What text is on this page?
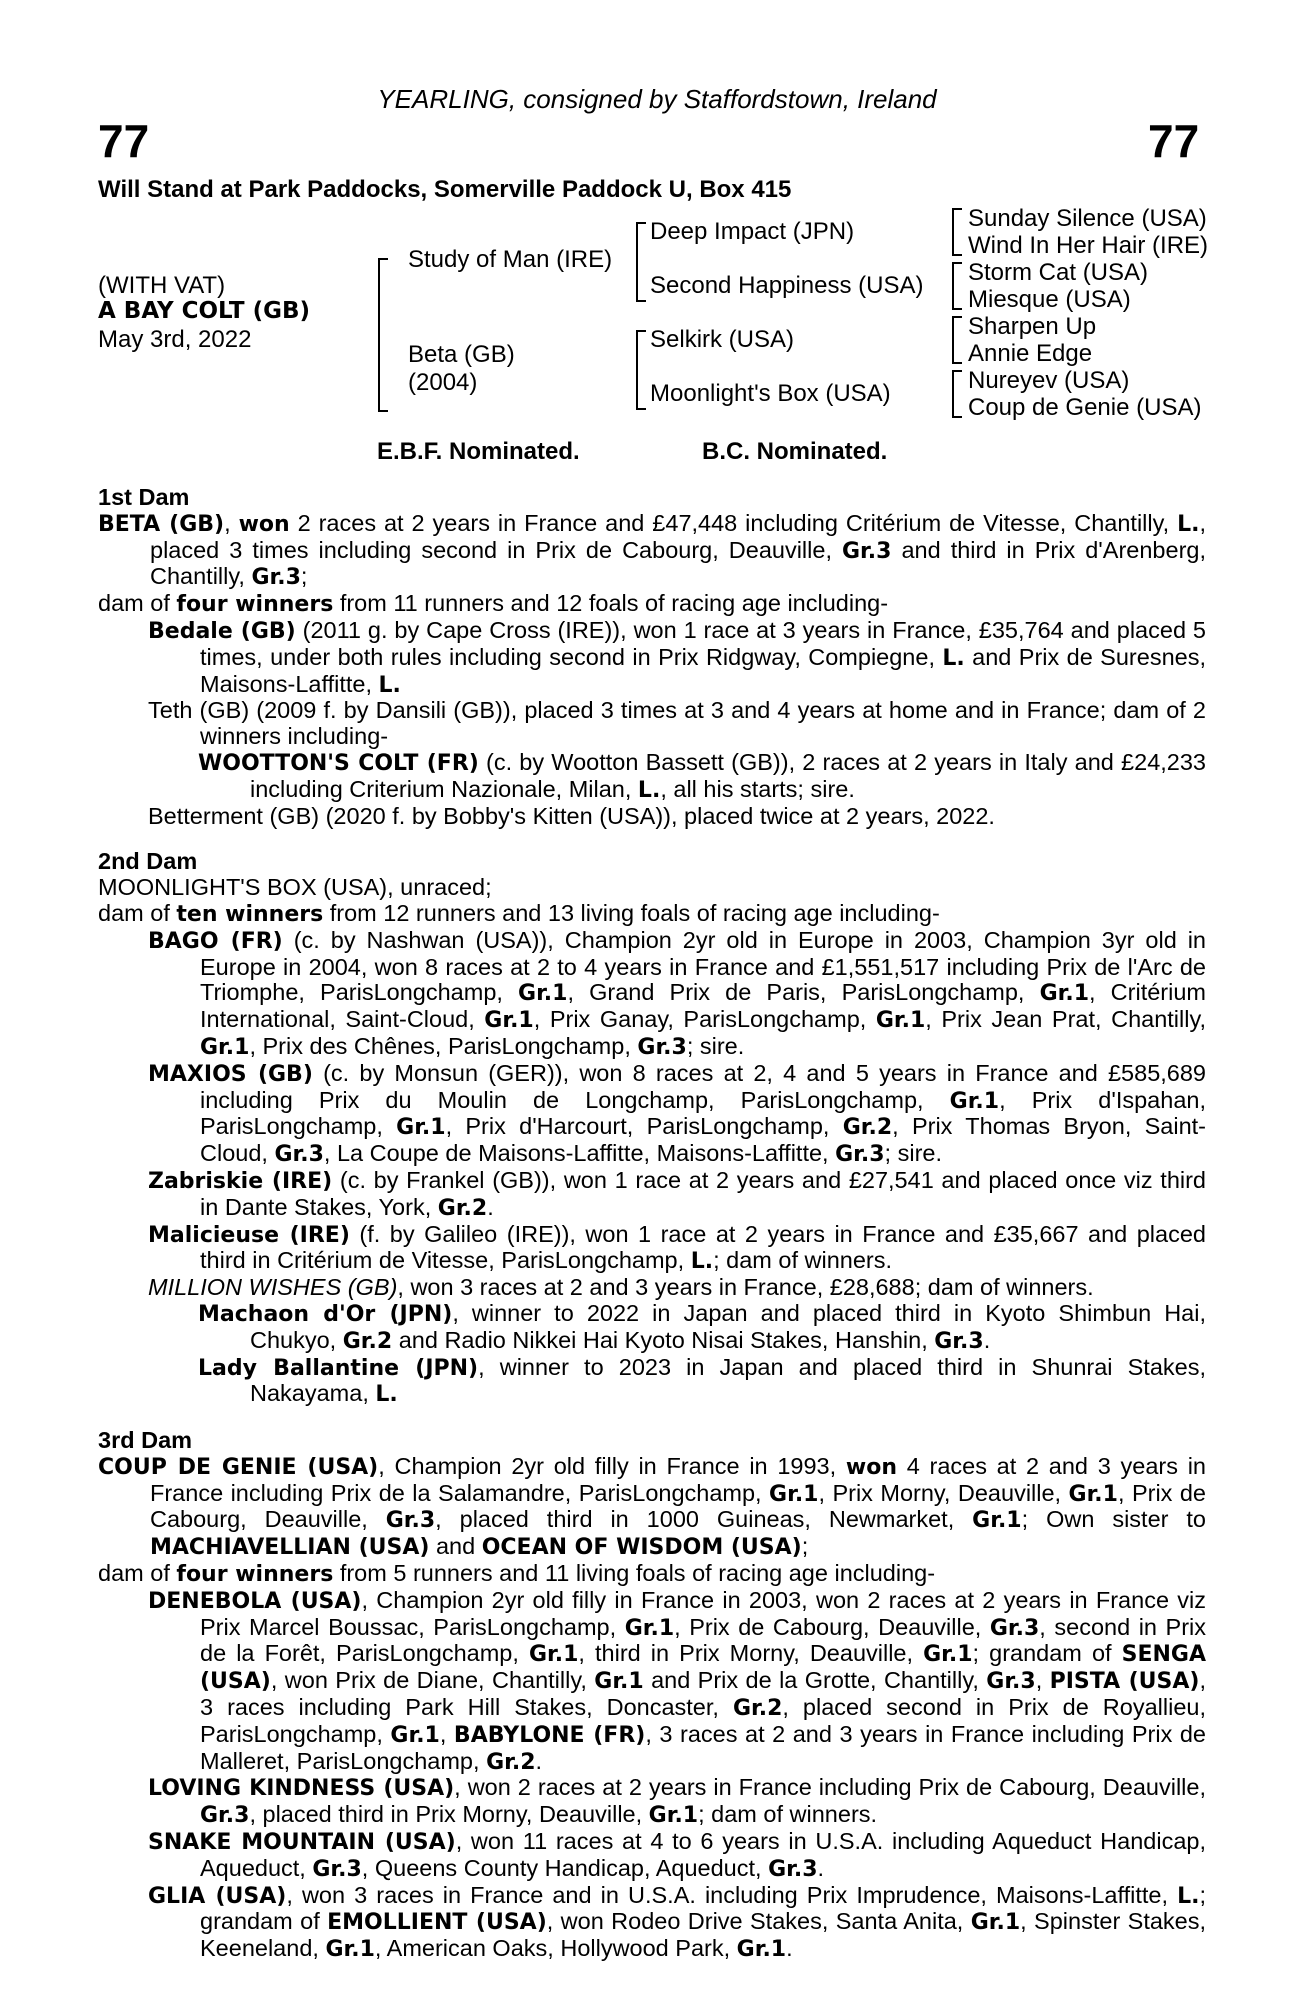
YEARLING, consigned by Staffordstown, Ireland
77	77
Will Stand at Park Paddocks, Somerville Paddock U, Box 415
(WITH VAT)
A BAY COLT (GB)
May 3rd, 2022
Study of Man (IRE)
Beta (GB)
(2004)
Deep Impact (JPN)
Second Happiness (USA)
Selkirk (USA)
Moonlight's Box (USA)
Sunday Silence (USA)
Wind In Her Hair (IRE)
Storm Cat (USA)
Miesque (USA)
Sharpen Up
Annie Edge
Nureyev (USA)
Coup de Genie (USA)
E.B.F. Nominated.	B.C. Nominated.
1st Dam
BETA (GB), won 2 races at 2 years in France and £47,448 including Critérium de Vitesse, Chantilly, L., placed 3 times including second in Prix de Cabourg, Deauville, Gr.3 and third in Prix d'Arenberg, Chantilly, Gr.3;
dam of four winners from 11 runners and 12 foals of racing age including-
Bedale (GB) (2011 g. by Cape Cross (IRE)), won 1 race at 3 years in France, £35,764 and placed 5 times, under both rules including second in Prix Ridgway, Compiegne, L. and Prix de Suresnes, Maisons-Laffitte, L.
Teth (GB) (2009 f. by Dansili (GB)), placed 3 times at 3 and 4 years at home and in France; dam of 2 winners including-
WOOTTON'S COLT (FR) (c. by Wootton Bassett (GB)), 2 races at 2 years in Italy and £24,233 including Criterium Nazionale, Milan, L., all his starts; sire.
Betterment (GB) (2020 f. by Bobby's Kitten (USA)), placed twice at 2 years, 2022.
2nd Dam
MOONLIGHT'S BOX (USA), unraced;
dam of ten winners from 12 runners and 13 living foals of racing age including-
BAGO (FR) (c. by Nashwan (USA)), Champion 2yr old in Europe in 2003, Champion 3yr old in Europe in 2004, won 8 races at 2 to 4 years in France and £1,551,517 including Prix de l'Arc de Triomphe, ParisLongchamp, Gr.1, Grand Prix de Paris, ParisLongchamp, Gr.1, Critérium International, Saint-Cloud, Gr.1, Prix Ganay, ParisLongchamp, Gr.1, Prix Jean Prat, Chantilly, Gr.1, Prix des Chênes, ParisLongchamp, Gr.3; sire.
MAXIOS (GB) (c. by Monsun (GER)), won 8 races at 2, 4 and 5 years in France and £585,689 including Prix du Moulin de Longchamp, ParisLongchamp, Gr.1, Prix d'Ispahan, ParisLongchamp, Gr.1, Prix d'Harcourt, ParisLongchamp, Gr.2, Prix Thomas Bryon, Saint-Cloud, Gr.3, La Coupe de Maisons-Laffitte, Maisons-Laffitte, Gr.3; sire.
Zabriskie (IRE) (c. by Frankel (GB)), won 1 race at 2 years and £27,541 and placed once viz third in Dante Stakes, York, Gr.2.
Malicieuse (IRE) (f. by Galileo (IRE)), won 1 race at 2 years in France and £35,667 and placed third in Critérium de Vitesse, ParisLongchamp, L.; dam of winners.
MILLION WISHES (GB), won 3 races at 2 and 3 years in France, £28,688; dam of winners.
Machaon d'Or (JPN), winner to 2022 in Japan and placed third in Kyoto Shimbun Hai, Chukyo, Gr.2 and Radio Nikkei Hai Kyoto Nisai Stakes, Hanshin, Gr.3.
Lady Ballantine (JPN), winner to 2023 in Japan and placed third in Shunrai Stakes, Nakayama, L.
3rd Dam
COUP DE GENIE (USA), Champion 2yr old filly in France in 1993, won 4 races at 2 and 3 years in France including Prix de la Salamandre, ParisLongchamp, Gr.1, Prix Morny, Deauville, Gr.1, Prix de Cabourg, Deauville, Gr.3, placed third in 1000 Guineas, Newmarket, Gr.1; Own sister to MACHIAVELLIAN (USA) and OCEAN OF WISDOM (USA);
dam of four winners from 5 runners and 11 living foals of racing age including-
DENEBOLA (USA), Champion 2yr old filly in France in 2003, won 2 races at 2 years in France viz Prix Marcel Boussac, ParisLongchamp, Gr.1, Prix de Cabourg, Deauville, Gr.3, second in Prix de la Forêt, ParisLongchamp, Gr.1, third in Prix Morny, Deauville, Gr.1; grandam of SENGA (USA), won Prix de Diane, Chantilly, Gr.1 and Prix de la Grotte, Chantilly, Gr.3, PISTA (USA), 3 races including Park Hill Stakes, Doncaster, Gr.2, placed second in Prix de Royallieu, ParisLongchamp, Gr.1, BABYLONE (FR), 3 races at 2 and 3 years in France including Prix de Malleret, ParisLongchamp, Gr.2.
LOVING KINDNESS (USA), won 2 races at 2 years in France including Prix de Cabourg, Deauville, Gr.3, placed third in Prix Morny, Deauville, Gr.1; dam of winners.
SNAKE MOUNTAIN (USA), won 11 races at 4 to 6 years in U.S.A. including Aqueduct Handicap, Aqueduct, Gr.3, Queens County Handicap, Aqueduct, Gr.3.
GLIA (USA), won 3 races in France and in U.S.A. including Prix Imprudence, Maisons-Laffitte, L.; grandam of EMOLLIENT (USA), won Rodeo Drive Stakes, Santa Anita, Gr.1, Spinster Stakes, Keeneland, Gr.1, American Oaks, Hollywood Park, Gr.1.
